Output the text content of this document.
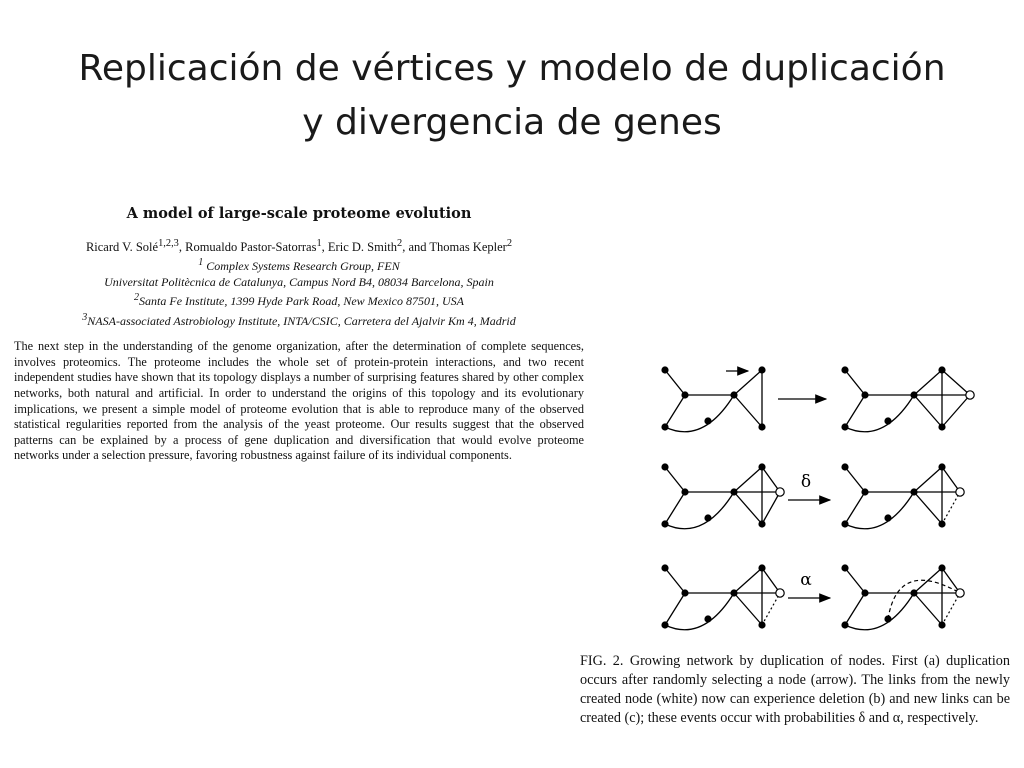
Replicación de vértices y modelo de duplicación
y divergencia de genes
A model of large-scale proteome evolution
Ricard V. Solé$^{1,2,3}$, Romualdo Pastor-Satorras$^1$, Eric D. Smith$^2$, and Thomas Kepler$^2$
$^1$ Complex Systems Research Group, FEN
Universitat Politècnica de Catalunya, Campus Nord B4, 08034 Barcelona, Spain
$^2$Santa Fe Institute, 1399 Hyde Park Road, New Mexico 87501, USA
$^3$NASA-associated Astrobiology Institute, INTA/CSIC, Carretera del Ajalvir Km 4, Madrid
The next step in the understanding of the genome organization, after the determination of complete sequences, involves proteomics. The proteome includes the whole set of protein-protein interactions, and two recent independent studies have shown that its topology displays a number of surprising features shared by other complex networks, both natural and artificial. In order to understand the origins of this topology and its evolutionary implications, we present a simple model of proteome evolution that is able to reproduce many of the observed statistical regularities reported from the analysis of the yeast proteome. Our results suggest that the observed patterns can be explained by a process of gene duplication and diversification that would evolve proteome networks under a selection pressure, favoring robustness against failure of its individual components.
δ
α
FIG. 2. Growing network by duplication of nodes. First (a) duplication occurs after randomly selecting a node (arrow). The links from the newly created node (white) now can experience deletion (b) and new links can be created (c); these events occur with probabilities δ and α, respectively.
